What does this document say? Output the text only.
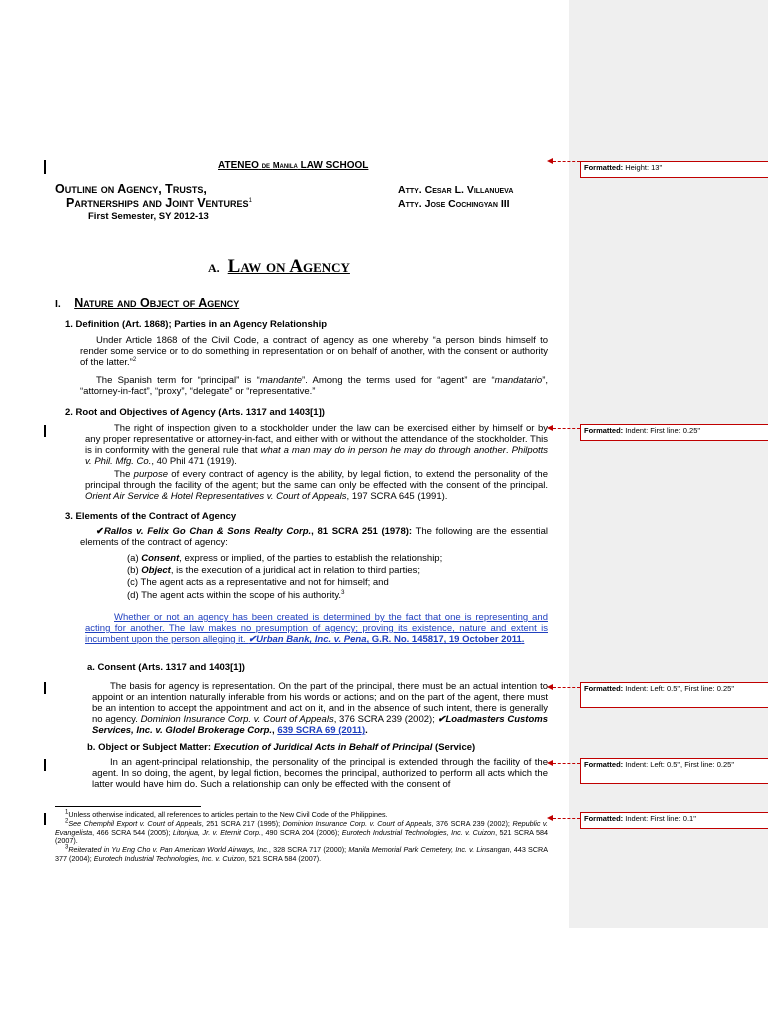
ATENEO de Manila LAW SCHOOL
Outline on Agency, Trusts,
Partnerships and Joint Ventures$^1$
First Semester, SY 2012-13
Atty. Cesar L. Villanueva
Atty. Jose Cochingyan III
A. Law on Agency
I. Nature and Object of Agency
1. Definition (Art. 1868); Parties in an Agency Relationship

Under Article 1868 of the Civil Code, a contract of agency as one whereby “a person binds himself to render some service or to do something in representation or on behalf of another, with the consent or authority of the latter.”$^2$

The Spanish term for “principal” is “mandante”. Among the terms used for “agent” are “mandatario”, “attorney-in-fact”, “proxy”, “delegate” or “representative.”

2. Root and Objectives of Agency (Arts. 1317 and 1403[1])

The right of inspection given to a stockholder under the law can be exercised either by himself or by any proper representative or attorney-in-fact, and either with or without the attendance of the stockholder. This is in conformity with the general rule that what a man may do in person he may do through another. Philpotts v. Phil. Mfg. Co., 40 Phil 471 (1919).

The purpose of every contract of agency is the ability, by legal fiction, to extend the personality of the principal through the facility of the agent; but the same can only be effected with the consent of the principal. Orient Air Service & Hotel Representatives v. Court of Appeals, 197 SCRA 645 (1991).

3. Elements of the Contract of Agency

✔Rallos v. Felix Go Chan & Sons Realty Corp., 81 SCRA 251 (1978): The following are the essential elements of the contract of agency:

(a) Consent, express or implied, of the parties to establish the relationship;
(b) Object, is the execution of a juridical act in relation to third parties;
(c) The agent acts as a representative and not for himself; and
(d) The agent acts within the scope of his authority.$^3$

Whether or not an agency has been created is determined by the fact that one is representing and acting for another. The law makes no presumption of agency; proving its existence, nature and extent is incumbent upon the person alleging it. ✔Urban Bank, Inc. v. Pena, G.R. No. 145817, 19 October 2011.

a. Consent (Arts. 1317 and 1403[1])

The basis for agency is representation. On the part of the principal, there must be an actual intention to appoint or an intention naturally inferable from his words or actions; and on the part of the agent, there must be an intention to accept the appointment and act on it, and in the absence of such intent, there is generally no agency. Dominion Insurance Corp. v. Court of Appeals, 376 SCRA 239 (2002); ✔Loadmasters Customs Services, Inc. v. Glodel Brokerage Corp., 639 SCRA 69 (2011).

b. Object or Subject Matter: Execution of Juridical Acts in Behalf of Principal (Service)

In an agent-principal relationship, the personality of the principal is extended through the facility of the agent. In so doing, the agent, by legal fiction, becomes the principal, authorized to perform all acts which the latter would have him do. Such a relationship can only be effected with the consent of

$^1$Unless otherwise indicated, all references to articles pertain to the New Civil Code of the Philippines.

$^2$See Chemphil Export v. Court of Appeals, 251 SCRA 217 (1995); Dominion Insurance Corp. v. Court of Appeals, 376 SCRA 239 (2002); Republic v. Evangelista, 466 SCRA 544 (2005); Litonjua, Jr. v. Eternit Corp., 490 SCRA 204 (2006); Eurotech Industrial Technologies, Inc. v. Cuizon, 521 SCRA 584 (2007).

$^3$Reiterated in Yu Eng Cho v. Pan American World Airways, Inc., 328 SCRA 717 (2000); Manila Memorial Park Cemetery, Inc. v. Linsangan, 443 SCRA 377 (2004); Eurotech Industrial Technologies, Inc. v. Cuizon, 521 SCRA 584 (2007).

Formatted: Height: 13"
Formatted: Indent: First line: 0.25"
Formatted: Indent: Left: 0.5", First line: 0.25"
Formatted: Indent: Left: 0.5", First line: 0.25"
Formatted: Indent: First line: 0.1"
